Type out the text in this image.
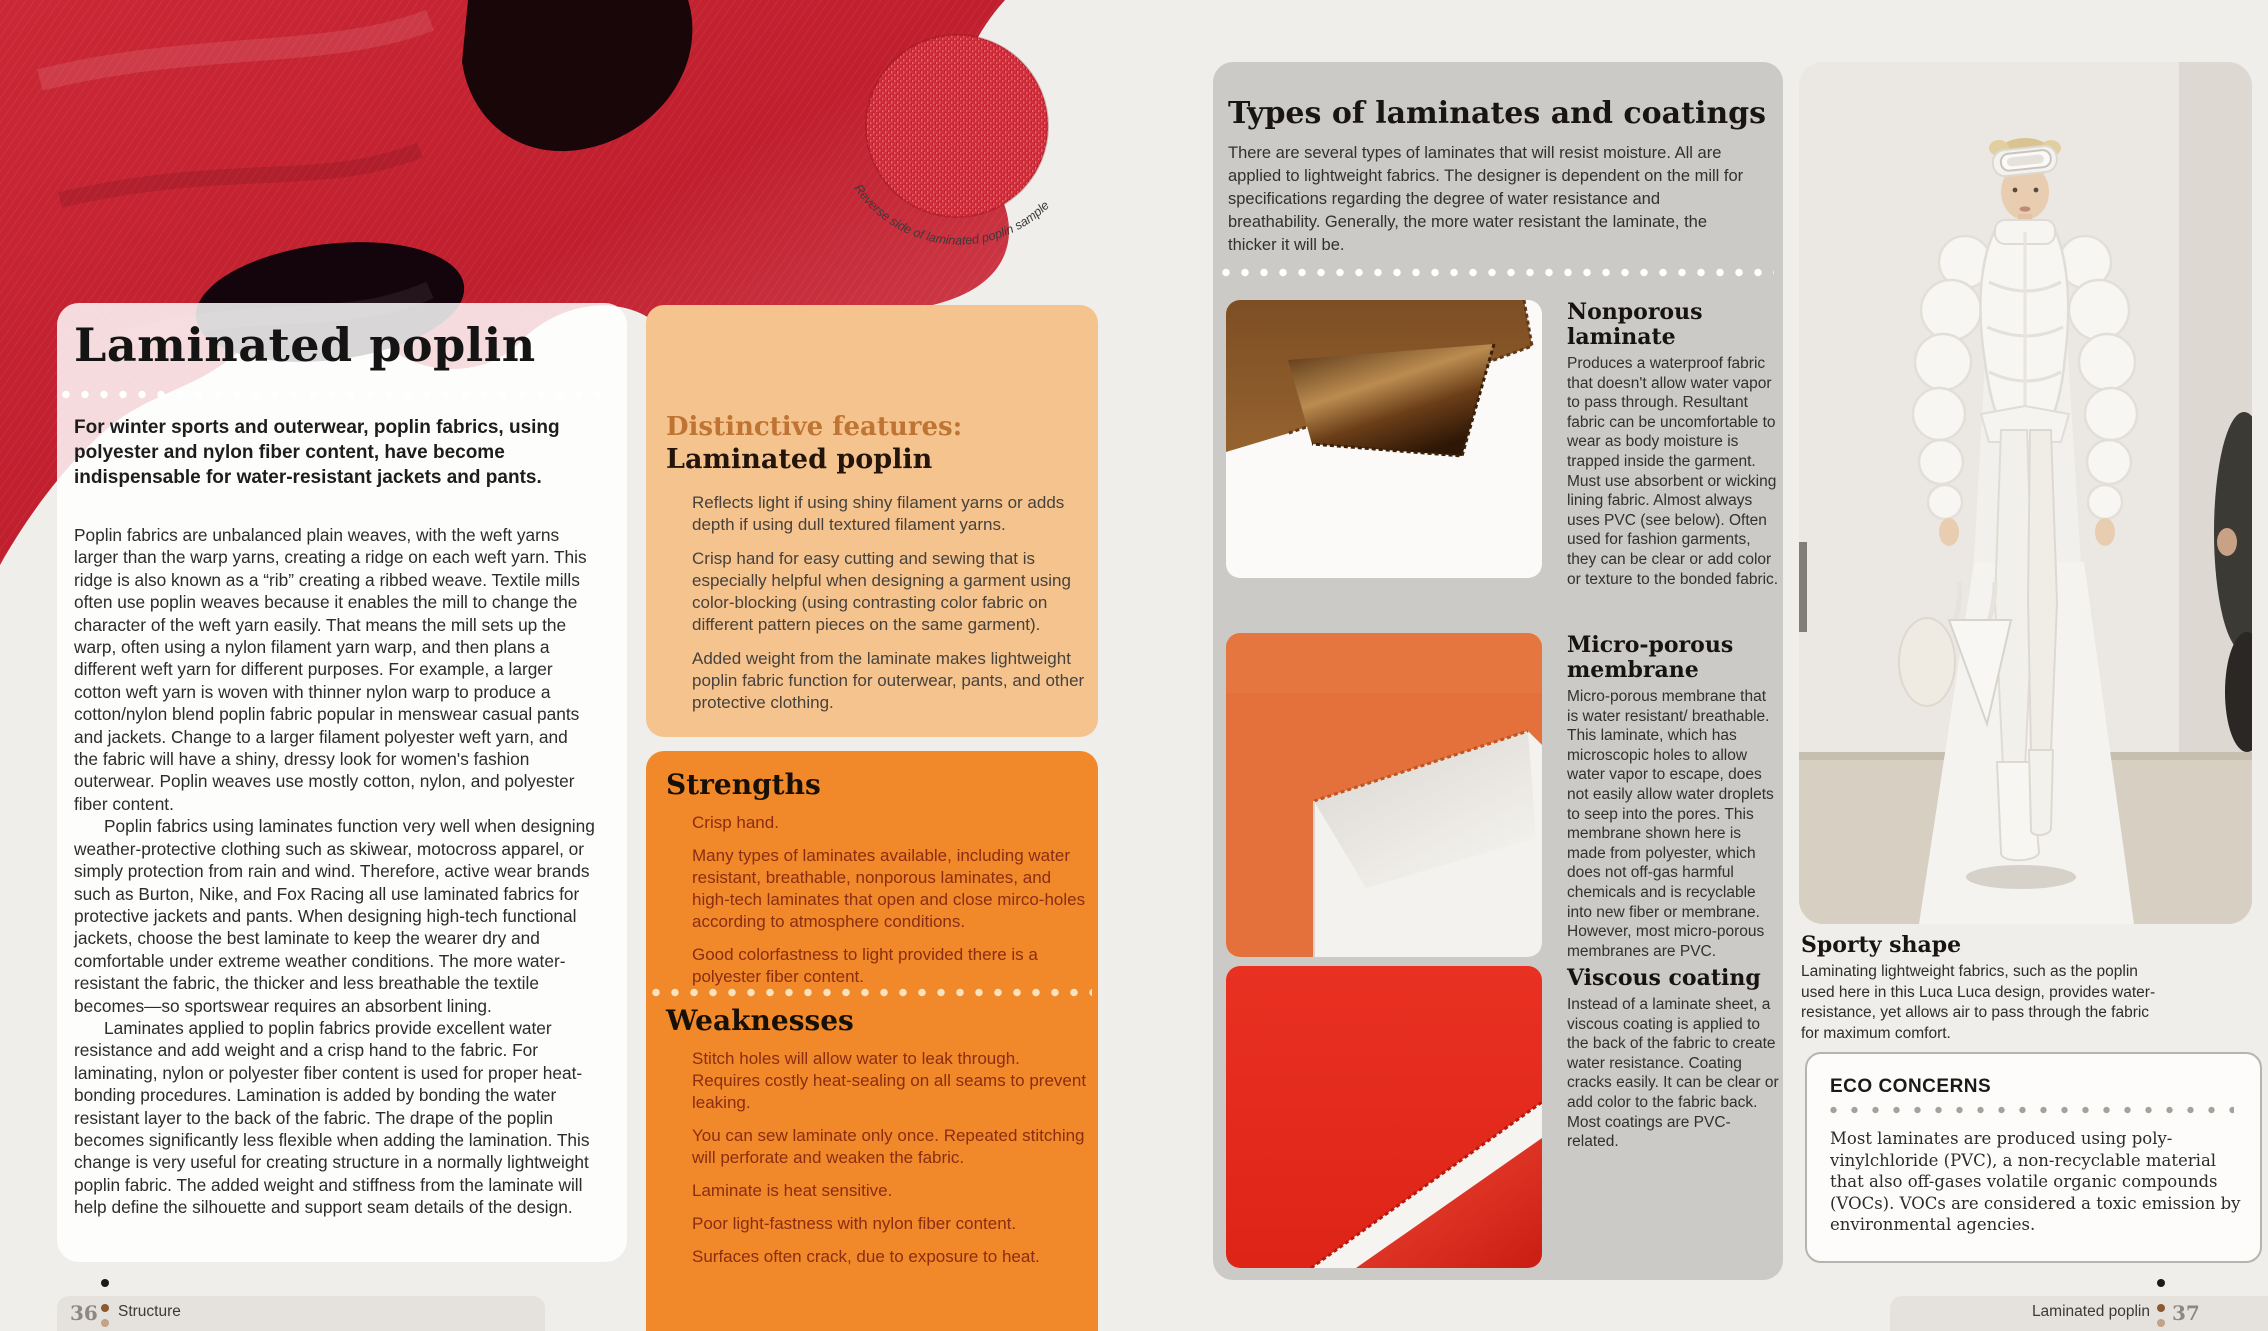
Reverse side of laminated poplin sample
Laminated poplin
For winter sports and outerwear, poplin fabrics, using polyester and nylon fiber content, have become indispensable for water-resistant jackets and pants.

Poplin fabrics are unbalanced plain weaves, with the weft yarns larger than the warp yarns, creating a ridge on each weft yarn. This ridge is also known as a “rib” creating a ribbed weave. Textile mills often use poplin weaves because it enables the mill to change the character of the weft yarn easily. That means the mill sets up the warp, often using a nylon filament yarn warp, and then plans a different weft yarn for different purposes. For example, a larger cotton weft yarn is woven with thinner nylon warp to produce a cotton/nylon blend poplin fabric popular in menswear casual pants and jackets. Change to a larger filament polyester weft yarn, and the fabric will have a shiny, dressy look for women's fashion outerwear. Poplin weaves use mostly cotton, nylon, and polyester fiber content.

Poplin fabrics using laminates function very well when designing weather-protective clothing such as skiwear, motocross apparel, or simply protection from rain and wind. Therefore, active wear brands such as Burton, Nike, and Fox Racing all use laminated fabrics for protective jackets and pants. When designing high-tech functional jackets, choose the best laminate to keep the wearer dry and comfortable under extreme weather conditions. The more water-resistant the fabric, the thicker and less breathable the textile becomes—so sportswear requires an absorbent lining.

Laminates applied to poplin fabrics provide excellent water resistance and add weight and a crisp hand to the fabric. For laminating, nylon or polyester fiber content is used for proper heat-bonding procedures. Lamination is added by bonding the water resistant layer to the back of the fabric. The drape of the poplin becomes significantly less flexible when adding the lamination. This change is very useful for creating structure in a normally lightweight poplin fabric. The added weight and stiffness from the laminate will help define the silhouette and support seam details of the design.

Distinctive features:
Laminated poplin

Reflects light if using shiny filament yarns or adds depth if using dull textured filament yarns.

Crisp hand for easy cutting and sewing that is especially helpful when designing a garment using color-blocking (using contrasting color fabric on different pattern pieces on the same garment).

Added weight from the laminate makes lightweight poplin fabric function for outerwear, pants, and other protective clothing.

Strengths

Crisp hand.

Many types of laminates available, including water resistant, breathable, nonporous laminates, and high-tech laminates that open and close mirco-holes according to atmosphere conditions.

Good colorfastness to light provided there is a polyester fiber content.

Weaknesses

Stitch holes will allow water to leak through. Requires costly heat-sealing on all seams to prevent leaking.

You can sew laminate only once. Repeated stitching will perforate and weaken the fabric.

Laminate is heat sensitive.

Poor light-fastness with nylon fiber content.

Surfaces often crack, due to exposure to heat.

36 Structure
Types of laminates and coatings
There are several types of laminates that will resist moisture. All are applied to lightweight fabrics. The designer is dependent on the mill for specifications regarding the degree of water resistance and breathability. Generally, the more water resistant the laminate, the thicker it will be.
Nonporous laminate
Produces a waterproof fabric that doesn't allow water vapor to pass through. Resultant fabric can be uncomfortable to wear as body moisture is trapped inside the garment. Must use absorbent or wicking lining fabric. Almost always uses PVC (see below). Often used for fashion garments, they can be clear or add color or texture to the bonded fabric.
Micro-porous membrane
Micro-porous membrane that is water resistant/ breathable. This laminate, which has microscopic holes to allow water vapor to escape, does not easily allow water droplets to seep into the pores. This membrane shown here is made from polyester, which does not off-gas harmful chemicals and is recyclable into new fiber or membrane. However, most micro-porous membranes are PVC.
Viscous coating
Instead of a laminate sheet, a viscous coating is applied to the back of the fabric to create water resistance. Coating cracks easily. It can be clear or add color to the fabric back. Most coatings are PVC-related.
Sporty shape
Laminating lightweight fabrics, such as the poplin used here in this Luca Luca design, provides water-resistance, yet allows air to pass through the fabric for maximum comfort.
ECO CONCERNS
Most laminates are produced using poly-vinylchloride (PVC), a non-recyclable material that also off-gases volatile organic compounds (VOCs). VOCs are considered a toxic emission by environmental agencies.
Laminated poplin 37
